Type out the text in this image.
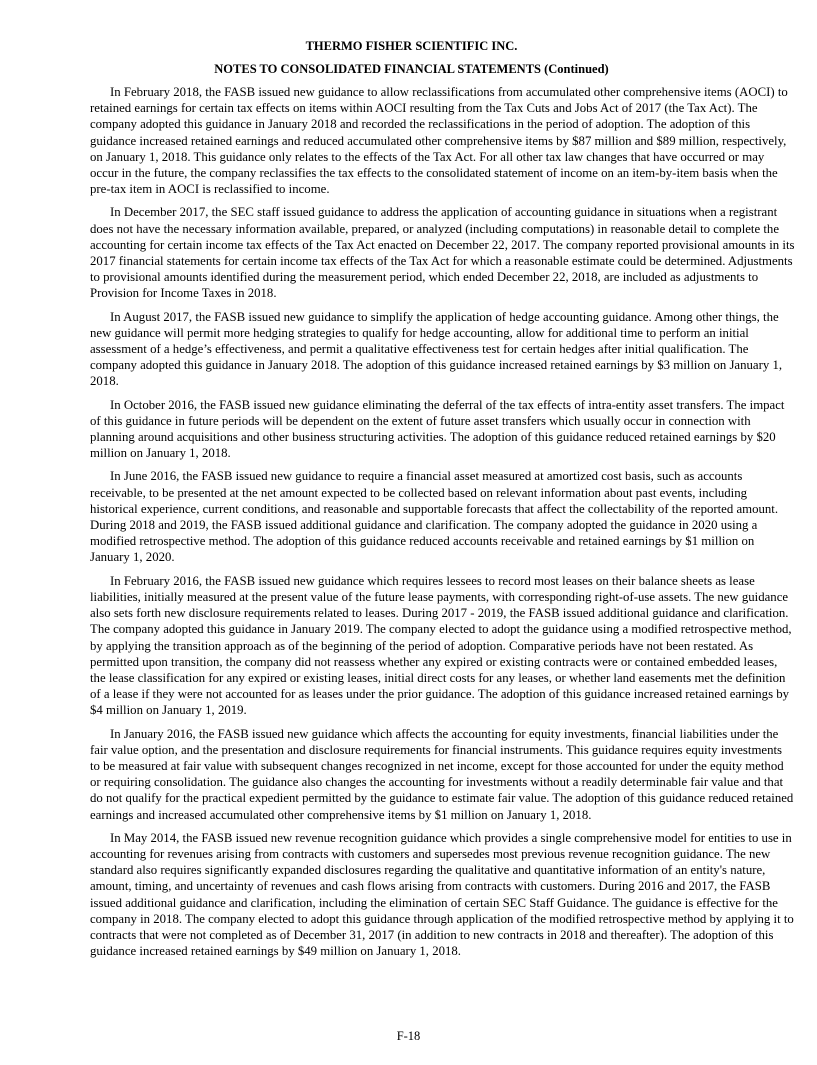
THERMO FISHER SCIENTIFIC INC.
NOTES TO CONSOLIDATED FINANCIAL STATEMENTS (Continued)
In February 2018, the FASB issued new guidance to allow reclassifications from accumulated other comprehensive items (AOCI) to retained earnings for certain tax effects on items within AOCI resulting from the Tax Cuts and Jobs Act of 2017 (the Tax Act). The company adopted this guidance in January 2018 and recorded the reclassifications in the period of adoption. The adoption of this guidance increased retained earnings and reduced accumulated other comprehensive items by $87 million and $89 million, respectively, on January 1, 2018. This guidance only relates to the effects of the Tax Act. For all other tax law changes that have occurred or may occur in the future, the company reclassifies the tax effects to the consolidated statement of income on an item-by-item basis when the pre-tax item in AOCI is reclassified to income.
In December 2017, the SEC staff issued guidance to address the application of accounting guidance in situations when a registrant does not have the necessary information available, prepared, or analyzed (including computations) in reasonable detail to complete the accounting for certain income tax effects of the Tax Act enacted on December 22, 2017. The company reported provisional amounts in its 2017 financial statements for certain income tax effects of the Tax Act for which a reasonable estimate could be determined. Adjustments to provisional amounts identified during the measurement period, which ended December 22, 2018, are included as adjustments to Provision for Income Taxes in 2018.
In August 2017, the FASB issued new guidance to simplify the application of hedge accounting guidance. Among other things, the new guidance will permit more hedging strategies to qualify for hedge accounting, allow for additional time to perform an initial assessment of a hedge’s effectiveness, and permit a qualitative effectiveness test for certain hedges after initial qualification. The company adopted this guidance in January 2018. The adoption of this guidance increased retained earnings by $3 million on January 1, 2018.
In October 2016, the FASB issued new guidance eliminating the deferral of the tax effects of intra-entity asset transfers. The impact of this guidance in future periods will be dependent on the extent of future asset transfers which usually occur in connection with planning around acquisitions and other business structuring activities. The adoption of this guidance reduced retained earnings by $20 million on January 1, 2018.
In June 2016, the FASB issued new guidance to require a financial asset measured at amortized cost basis, such as accounts receivable, to be presented at the net amount expected to be collected based on relevant information about past events, including historical experience, current conditions, and reasonable and supportable forecasts that affect the collectability of the reported amount. During 2018 and 2019, the FASB issued additional guidance and clarification. The company adopted the guidance in 2020 using a modified retrospective method. The adoption of this guidance reduced accounts receivable and retained earnings by $1 million on January 1, 2020.
In February 2016, the FASB issued new guidance which requires lessees to record most leases on their balance sheets as lease liabilities, initially measured at the present value of the future lease payments, with corresponding right-of-use assets. The new guidance also sets forth new disclosure requirements related to leases. During 2017 - 2019, the FASB issued additional guidance and clarification. The company adopted this guidance in January 2019. The company elected to adopt the guidance using a modified retrospective method, by applying the transition approach as of the beginning of the period of adoption. Comparative periods have not been restated. As permitted upon transition, the company did not reassess whether any expired or existing contracts were or contained embedded leases, the lease classification for any expired or existing leases, initial direct costs for any leases, or whether land easements met the definition of a lease if they were not accounted for as leases under the prior guidance. The adoption of this guidance increased retained earnings by $4 million on January 1, 2019.
In January 2016, the FASB issued new guidance which affects the accounting for equity investments, financial liabilities under the fair value option, and the presentation and disclosure requirements for financial instruments. This guidance requires equity investments to be measured at fair value with subsequent changes recognized in net income, except for those accounted for under the equity method or requiring consolidation. The guidance also changes the accounting for investments without a readily determinable fair value and that do not qualify for the practical expedient permitted by the guidance to estimate fair value. The adoption of this guidance reduced retained earnings and increased accumulated other comprehensive items by $1 million on January 1, 2018.
In May 2014, the FASB issued new revenue recognition guidance which provides a single comprehensive model for entities to use in accounting for revenues arising from contracts with customers and supersedes most previous revenue recognition guidance. The new standard also requires significantly expanded disclosures regarding the qualitative and quantitative information of an entity's nature, amount, timing, and uncertainty of revenues and cash flows arising from contracts with customers. During 2016 and 2017, the FASB issued additional guidance and clarification, including the elimination of certain SEC Staff Guidance. The guidance is effective for the company in 2018. The company elected to adopt this guidance through application of the modified retrospective method by applying it to contracts that were not completed as of December 31, 2017 (in addition to new contracts in 2018 and thereafter). The adoption of this guidance increased retained earnings by $49 million on January 1, 2018.
F-18
